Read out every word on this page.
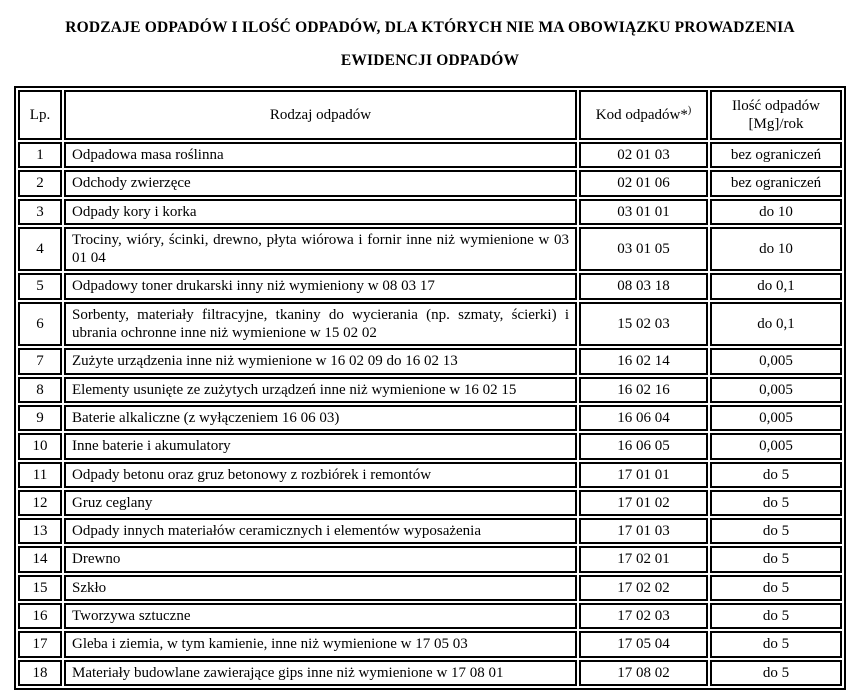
RODZAJE ODPADÓW I ILOŚĆ ODPADÓW, DLA KTÓRYCH NIE MA OBOWIĄZKU PROWADZENIA
EWIDENCJI ODPADÓW
Lp.	Rodzaj odpadów	Kod odpadów*)	Ilość odpadów [Mg]/rok
1	Odpadowa masa roślinna	02 01 03	bez ograniczeń
2	Odchody zwierzęce	02 01 06	bez ograniczeń
3	Odpady kory i korka	03 01 01	do 10
4	Trociny, wióry, ścinki, drewno, płyta wiórowa i fornir inne niż wymienione w 03 01 04	03 01 05	do 10
5	Odpadowy toner drukarski inny niż wymieniony w 08 03 17	08 03 18	do 0,1
6	Sorbenty, materiały filtracyjne, tkaniny do wycierania (np. szmaty, ścierki) i ubrania ochronne inne niż wymienione w 15 02 02	15 02 03	do 0,1
7	Zużyte urządzenia inne niż wymienione w 16 02 09 do 16 02 13	16 02 14	0,005
8	Elementy usunięte ze zużytych urządzeń inne niż wymienione w 16 02 15	16 02 16	0,005
9	Baterie alkaliczne (z wyłączeniem 16 06 03)	16 06 04	0,005
10	Inne baterie i akumulatory	16 06 05	0,005
11	Odpady betonu oraz gruz betonowy z rozbiórek i remontów	17 01 01	do 5
12	Gruz ceglany	17 01 02	do 5
13	Odpady innych materiałów ceramicznych i elementów wyposażenia	17 01 03	do 5
14	Drewno	17 02 01	do 5
15	Szkło	17 02 02	do 5
16	Tworzywa sztuczne	17 02 03	do 5
17	Gleba i ziemia, w tym kamienie, inne niż wymienione w 17 05 03	17 05 04	do 5
18	Materiały budowlane zawierające gips inne niż wymienione w 17 08 01	17 08 02	do 5
